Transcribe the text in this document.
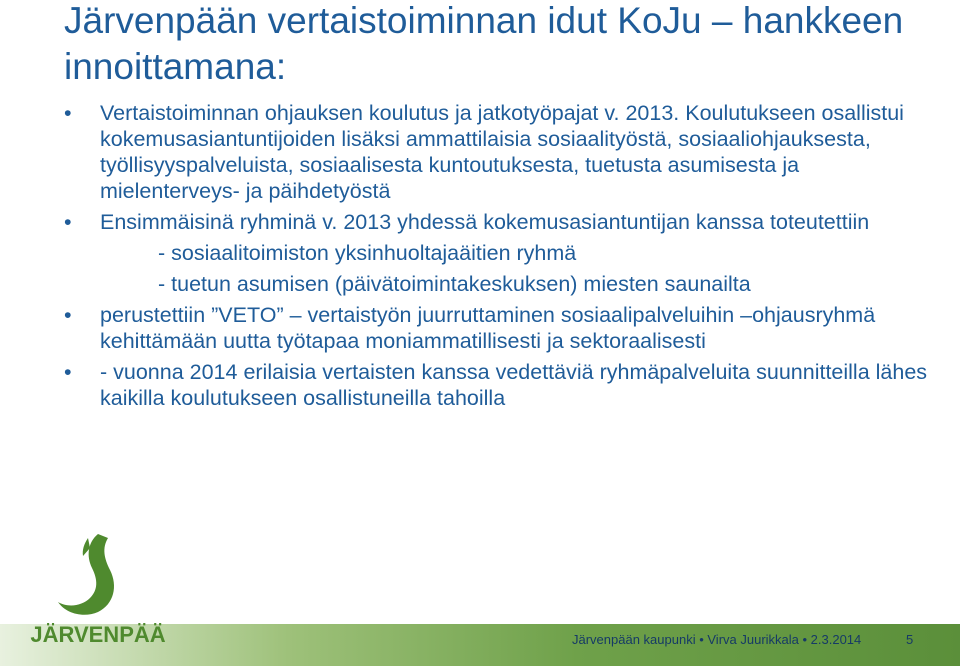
Järvenpään vertaistoiminnan idut KoJu – hankkeen innoittamana:
• Vertaistoiminnan ohjauksen koulutus ja jatkotyöpajat v. 2013. Koulutukseen osallistui kokemusasiantuntijoiden lisäksi ammattilaisia sosiaalityöstä, sosiaaliohjauksesta, työllisyyspalveluista, sosiaalisesta kuntoutuksesta, tuetusta asumisesta ja mielenterveys- ja päihdetyöstä
• Ensimmäisinä ryhminä v. 2013 yhdessä kokemusasiantuntijan kanssa toteutettiin
- sosiaalitoimiston yksinhuoltajaäitien ryhmä
- tuetun asumisen (päivätoimintakeskuksen) miesten saunailta
• perustettiin ”VETO” – vertaistyön juurruttaminen sosiaalipalveluihin –ohjausryhmä kehittämään uutta työtapaa moniammatillisesti ja sektoraalisesti
• - vuonna 2014 erilaisia vertaisten kanssa vedettäviä ryhmäpalveluita suunnitteilla lähes kaikilla koulutukseen osallistuneilla tahoilla
JÄRVENPÄÄ	Järvenpään kaupunki • Virva Juurikkala • 2.3.2014	5
